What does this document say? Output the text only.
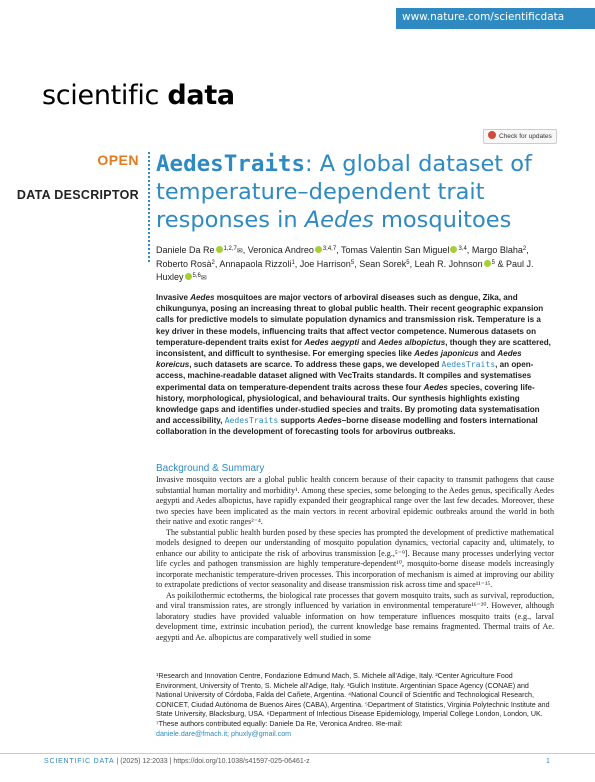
www.nature.com/scientificdata
scientific data
Check for updates
OPEN
DATA DESCRIPTOR
AedesTraits: A global dataset of temperature–dependent trait responses in Aedes mosquitoes
Daniele Da Re $^{1,2,7}$✉, Veronica Andreo $^{3,4,7}$, Tomas Valentin San Miguel $^{3,4}$, Margo Blaha$^2$, Roberto Rosà$^2$, Annapaola Rizzoli$^1$, Joe Harrison$^5$, Sean Sorek$^5$, Leah R. Johnson $^5$ & Paul J. Huxley $^{5,6}$✉
Invasive Aedes mosquitoes are major vectors of arboviral diseases such as dengue, Zika, and chikungunya, posing an increasing threat to global public health. Their recent geographic expansion calls for predictive models to simulate population dynamics and transmission risk. Temperature is a key driver in these models, influencing traits that affect vector competence. Numerous datasets on temperature-dependent traits exist for Aedes aegypti and Aedes albopictus, though they are scattered, inconsistent, and difficult to synthesise. For emerging species like Aedes japonicus and Aedes koreicus, such datasets are scarce. To address these gaps, we developed AedesTraits, an open-access, machine-readable dataset aligned with VecTraits standards. It compiles and systematises experimental data on temperature-dependent traits across these four Aedes species, covering life-history, morphological, physiological, and behavioural traits. Our synthesis highlights existing knowledge gaps and identifies under-studied species and traits. By promoting data systematisation and accessibility, AedesTraits supports Aedes–borne disease modelling and fosters international collaboration in the development of forecasting tools for arbovirus outbreaks.
Background & Summary

Invasive mosquito vectors are a global public health concern because of their capacity to transmit pathogens that cause substantial human mortality and morbidity¹. Among these species, some belonging to the Aedes genus, specifically Aedes aegypti and Aedes albopictus, have rapidly expanded their geographical range over the last few decades. Moreover, these two species have been implicated as the main vectors in recent arboviral epidemic outbreaks around the world in both their native and exotic ranges²⁻⁴.

The substantial public health burden posed by these species has prompted the development of predictive mathematical models designed to deepen our understanding of mosquito population dynamics, vectorial capacity and, ultimately, to enhance our ability to anticipate the risk of arbovirus transmission [e.g.,⁵⁻⁹]. Because many processes underlying vector life cycles and pathogen transmission are highly temperature-dependent¹⁰, mosquito-borne disease models increasingly incorporate mechanistic temperature-driven processes. This incorporation of mechanism is aimed at improving our ability to extrapolate predictions of vector seasonality and disease transmission risk across time and space¹¹⁻¹⁵.

As poikilothermic ectotherms, the biological rate processes that govern mosquito traits, such as survival, reproduction, and viral transmission rates, are strongly influenced by variation in environmental temperature¹⁶⁻²⁰. However, although laboratory studies have provided valuable information on how temperature influences mosquito traits (e.g., larval development time, extrinsic incubation period), the current knowledge base remains fragmented. Thermal traits of Ae. aegypti and Ae. albopictus are comparatively well studied in some

¹Research and Innovation Centre, Fondazione Edmund Mach, S. Michele all’Adige, Italy. ²Center Agriculture Food Environment, University of Trento, S. Michele all’Adige, Italy. ³Gulich Institute. Argentinian Space Agency (CONAE) and National University of Córdoba, Falda del Cañete, Argentina. ⁴National Council of Scientific and Technological Research, CONICET, Ciudad Autónoma de Buenos Aires (CABA), Argentina. ⁵Department of Statistics, Virginia Polytechnic Institute and State University, Blacksburg, USA. ⁶Department of Infectious Disease Epidemiology, Imperial College London, London, UK. ⁷These authors contributed equally: Daniele Da Re, Veronica Andreo. ✉e-mail:
daniele.dare@fmach.it; phuxly@gmail.com
SCIENTIFIC DATA | (2025) 12:2033 | https://doi.org/10.1038/s41597-025-06461-z	1
